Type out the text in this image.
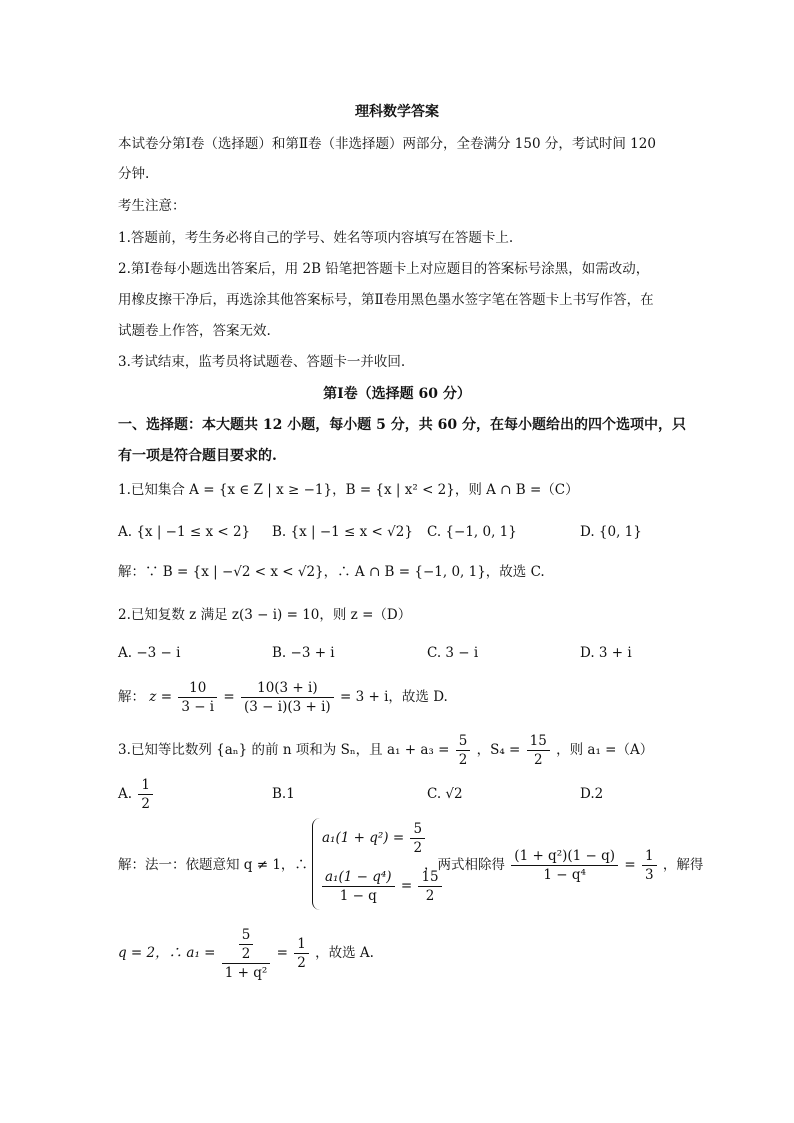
理科数学答案
本试卷分第Ⅰ卷（选择题）和第Ⅱ卷（非选择题）两部分，全卷满分 150 分，考试时间 120
分钟.
考生注意：
1.答题前，考生务必将自己的学号、姓名等项内容填写在答题卡上.
2.第Ⅰ卷每小题选出答案后，用 2B 铅笔把答题卡上对应题目的答案标号涂黑，如需改动，
用橡皮擦干净后，再选涂其他答案标号，第Ⅱ卷用黑色墨水签字笔在答题卡上书写作答，在
试题卷上作答，答案无效.
3.考试结束，监考员将试题卷、答题卡一并收回.
第Ⅰ卷（选择题 60 分）
一、选择题：本大题共 12 小题，每小题 5 分，共 60 分，在每小题给出的四个选项中，只
有一项是符合题目要求的.
1.已知集合 A = {x ∈ Z | x ≥ −1}，B = {x | x² < 2}，则 A ∩ B =（C）
A. {x | −1 ≤ x < 2} B. {x | −1 ≤ x < √2} C. {−1, 0, 1}	D. {0, 1}
解：∵ B = {x | −√2 < x < √2}，∴ A ∩ B = {−1, 0, 1}，故选 C.
2.已知复数 z 满足 z(3 − i) = 10，则 z =（D）
A. −3 − i	B. −3 + i	C. 3 − i	D. 3 + i
解： $z = \frac{10}{3 - i} = \frac{10(3 + i)}{(3 - i)(3 + i)} = 3 + i$，故选 D.
3.已知等比数列 {aₙ} 的前 n 项和为 Sₙ，且 $a_1 + a_3 = \frac{5}{2}$ ，$S_4 = \frac{15}{2}$ ，则 a₁ =（A）
A. $\frac{1}{2}$	B.1	C. √2	D.2
解：法一：依题意知 q ≠ 1，∴
$a_1(1 + q^2) = \frac{5}{2}$
$\frac{\text{a₁(1 − q⁴)}}{1 - q} = \frac{15}{2}$
，两式相除得 $\frac{\text{(1 + q²)(1 − q)}}{\text{1 − q⁴}} = \frac{1}{3}$ ，解得
q = 2，∴ $a_1 = \frac{\frac{5}{2}}{\text{1 + q²}} = \frac{1}{2}$ ，故选 A.
